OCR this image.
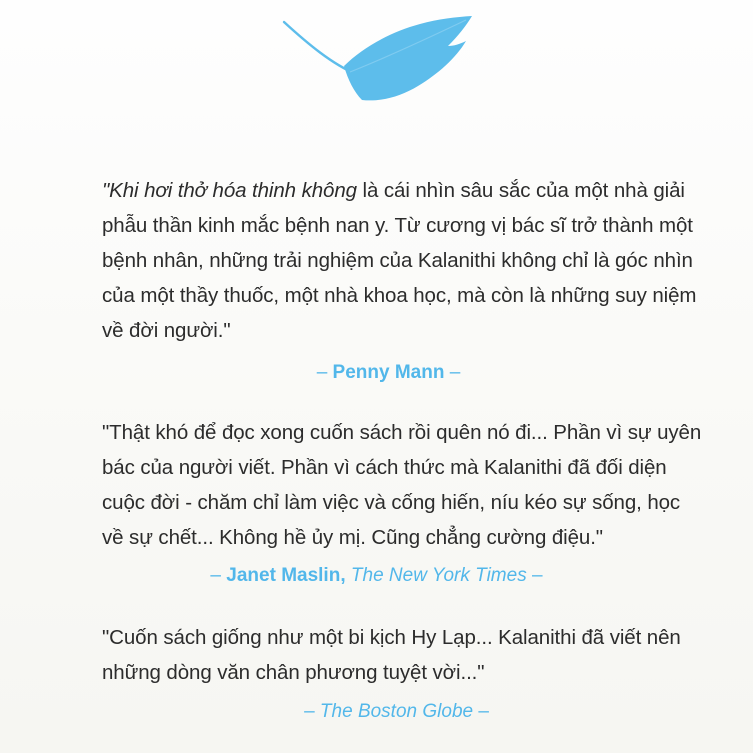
"Khi hơi thở hóa thinh không là cái nhìn sâu sắc của một nhà giải phẫu thần kinh mắc bệnh nan y. Từ cương vị bác sĩ trở thành một bệnh nhân, những trải nghiệm của Kalanithi không chỉ là góc nhìn của một thầy thuốc, một nhà khoa học, mà còn là những suy niệm về đời người."
– Penny Mann –
"Thật khó để đọc xong cuốn sách rồi quên nó đi... Phần vì sự uyên bác của người viết. Phần vì cách thức mà Kalanithi đã đối diện cuộc đời - chăm chỉ làm việc và cống hiến, níu kéo sự sống, học về sự chết... Không hề ủy mị. Cũng chẳng cường điệu."
– Janet Maslin, The New York Times –
"Cuốn sách giống như một bi kịch Hy Lạp... Kalanithi đã viết nên những dòng văn chân phương tuyệt vời..."
– The Boston Globe –
